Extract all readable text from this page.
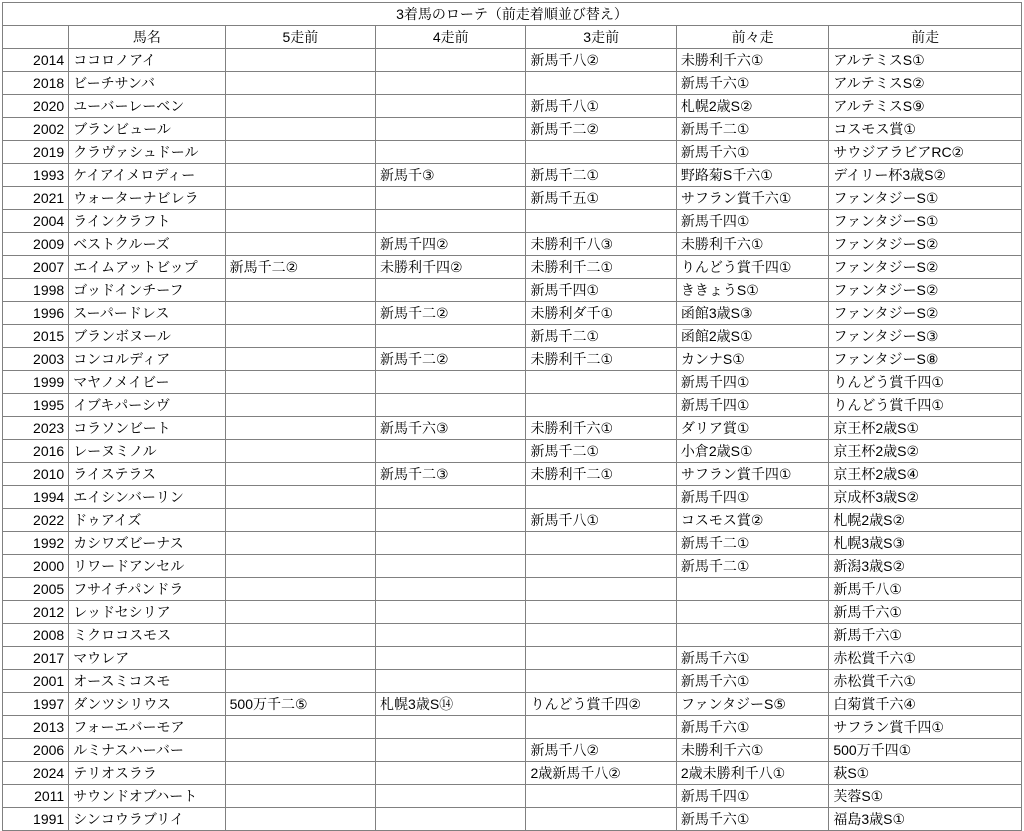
3着馬のローテ（前走着順並び替え）						
	馬名	5走前	4走前	3走前	前々走	前走
2014	ココロノアイ			新馬千八②	未勝利千六①	アルテミスS①
2018	ビーチサンバ				新馬千六①	アルテミスS②
2020	ユーバーレーベン			新馬千八①	札幌2歳S②	アルテミスS⑨
2002	ブランビュール			新馬千二②	新馬千二①	コスモス賞①
2019	クラヴァシュドール				新馬千六①	サウジアラビアRC②
1993	ケイアイメロディー		新馬千③	新馬千二①	野路菊S千六①	デイリー杯3歳S②
2021	ウォーターナビレラ			新馬千五①	サフラン賞千六①	ファンタジーS①
2004	ラインクラフト				新馬千四①	ファンタジーS①
2009	ベストクルーズ		新馬千四②	未勝利千八③	未勝利千六①	ファンタジーS②
2007	エイムアットビップ	新馬千二②	未勝利千四②	未勝利千二①	りんどう賞千四①	ファンタジーS②
1998	ゴッドインチーフ			新馬千四①	ききょうS①	ファンタジーS②
1996	スーパードレス		新馬千二②	未勝利ダ千①	函館3歳S③	ファンタジーS②
2015	ブランボヌール			新馬千二①	函館2歳S①	ファンタジーS③
2003	コンコルディア		新馬千二②	未勝利千二①	カンナS①	ファンタジーS⑧
1999	マヤノメイビー				新馬千四①	りんどう賞千四①
1995	イブキパーシヴ				新馬千四①	りんどう賞千四①
2023	コラソンビート		新馬千六③	未勝利千六①	ダリア賞①	京王杯2歳S①
2016	レーヌミノル			新馬千二①	小倉2歳S①	京王杯2歳S②
2010	ライステラス		新馬千二③	未勝利千二①	サフラン賞千四①	京王杯2歳S④
1994	エイシンバーリン				新馬千四①	京成杯3歳S②
2022	ドゥアイズ			新馬千八①	コスモス賞②	札幌2歳S②
1992	カシワズビーナス				新馬千二①	札幌3歳S③
2000	リワードアンセル				新馬千二①	新潟3歳S②
2005	フサイチパンドラ					新馬千八①
2012	レッドセシリア					新馬千六①
2008	ミクロコスモス					新馬千六①
2017	マウレア				新馬千六①	赤松賞千六①
2001	オースミコスモ				新馬千六①	赤松賞千六①
1997	ダンツシリウス	500万千二⑤	札幌3歳S⑭	りんどう賞千四②	ファンタジーS⑤	白菊賞千六④
2013	フォーエバーモア				新馬千六①	サフラン賞千四①
2006	ルミナスハーバー			新馬千八②	未勝利千六①	500万千四①
2024	テリオスララ			2歳新馬千八②	2歳未勝利千八①	萩S①
2011	サウンドオブハート				新馬千四①	芙蓉S①
1991	シンコウラブリイ				新馬千六①	福島3歳S①
